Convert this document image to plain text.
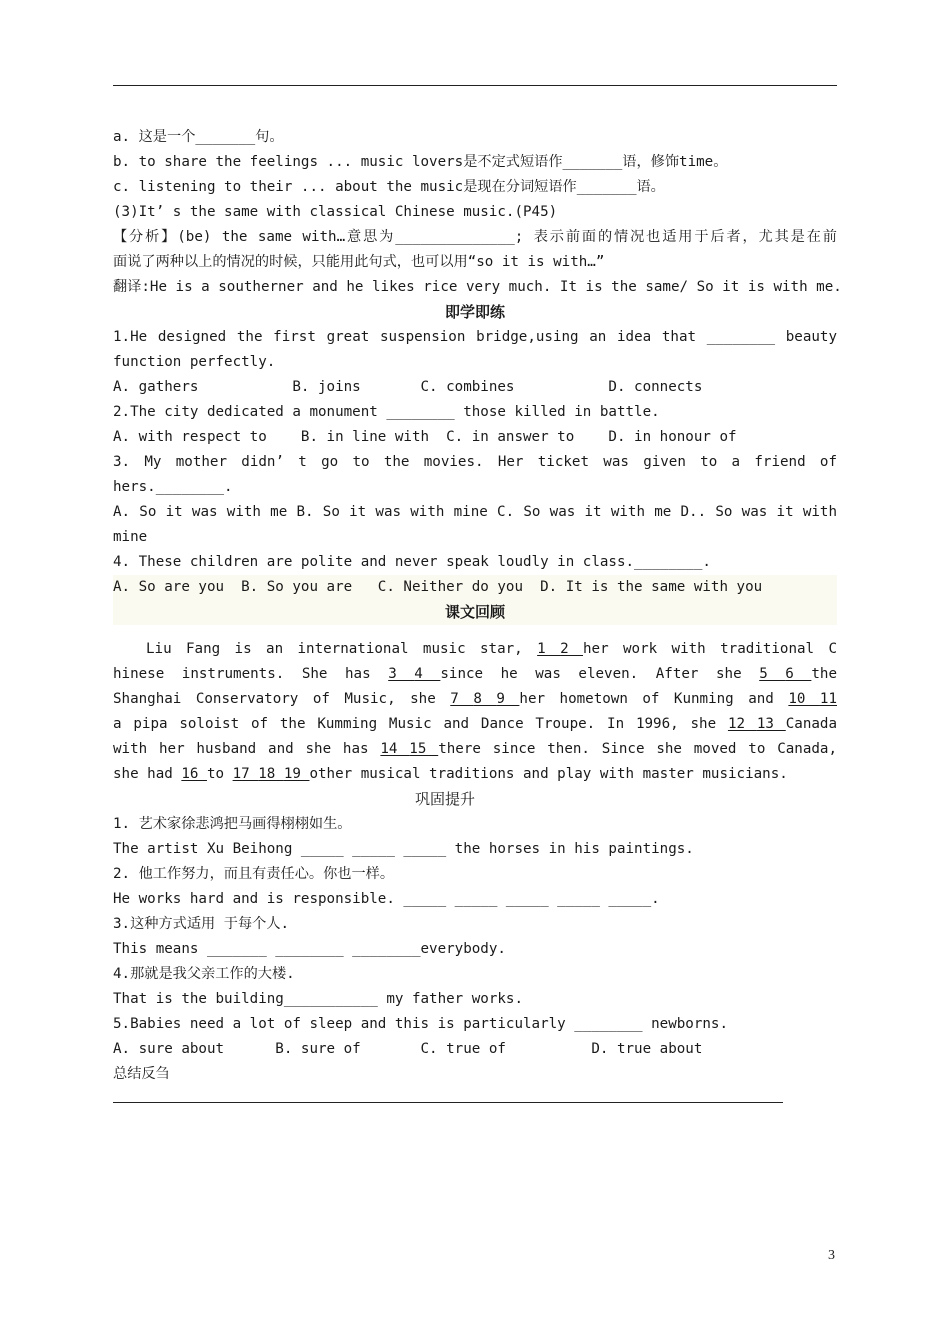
a. 这是一个_______句。
b. to share the feelings ... music lovers是不定式短语作_______语，修饰time。
c. listening to their ... about the music是现在分词短语作_______语。
(3)It’ s the same with classical Chinese music.(P45)
【分析】(be) the same with…意思为______________; 表示前面的情况也适用于后者，尤其是在前
面说了两种以上的情况的时候，只能用此句式，也可以用“so it is with…”
翻译:He is a southerner and he likes rice very much. It is the same/ So it is with me.
即学即练
1.He designed the first great suspension bridge,using an idea that ________ beauty
function perfectly.
A. gathers           B. joins       C. combines           D. connects
2.The city dedicated a monument ________ those killed in battle.
A. with respect to    B. in line with  C. in answer to    D. in honour of
3. My mother didn’ t go to the movies. Her ticket was given to a friend of
hers.________.
A. So it was with me B. So it was with mine C. So was it with me D.. So was it with
mine
4. These children are polite and never speak loudly in class.________.
A. So are you  B. So you are   C. Neither do you  D. It is the same with you
课文回顾
Liu Fang is an international music star, 1 2 her work with traditional C
hinese instruments. She has 3 4 since he was eleven. After she 5 6 the
Shanghai Conservatory of Music, she 7 8 9 her hometown of Kunming and 10 11
a pipa soloist of the Kumming Music and Dance Troupe. In 1996, she 12 13 Canada
with her husband and she has 14 15 there since then. Since she moved to Canada,
she had 16 to 17 18 19 other musical traditions and play with master musicians.
巩固提升
1. 艺术家徐悲鸿把马画得栩栩如生。
The artist Xu Beihong _____ _____ _____ the horses in his paintings.
2. 他工作努力，而且有责任心。你也一样。
He works hard and is responsible. _____ _____ _____ _____ _____.
3.这种方式适用 于每个人.
This means _______ ________ ________everybody.
4.那就是我父亲工作的大楼.
That is the building___________ my father works.
5.Babies need a lot of sleep and this is particularly ________ newborns.
A. sure about      B. sure of       C. true of          D. true about
总结反刍
3
